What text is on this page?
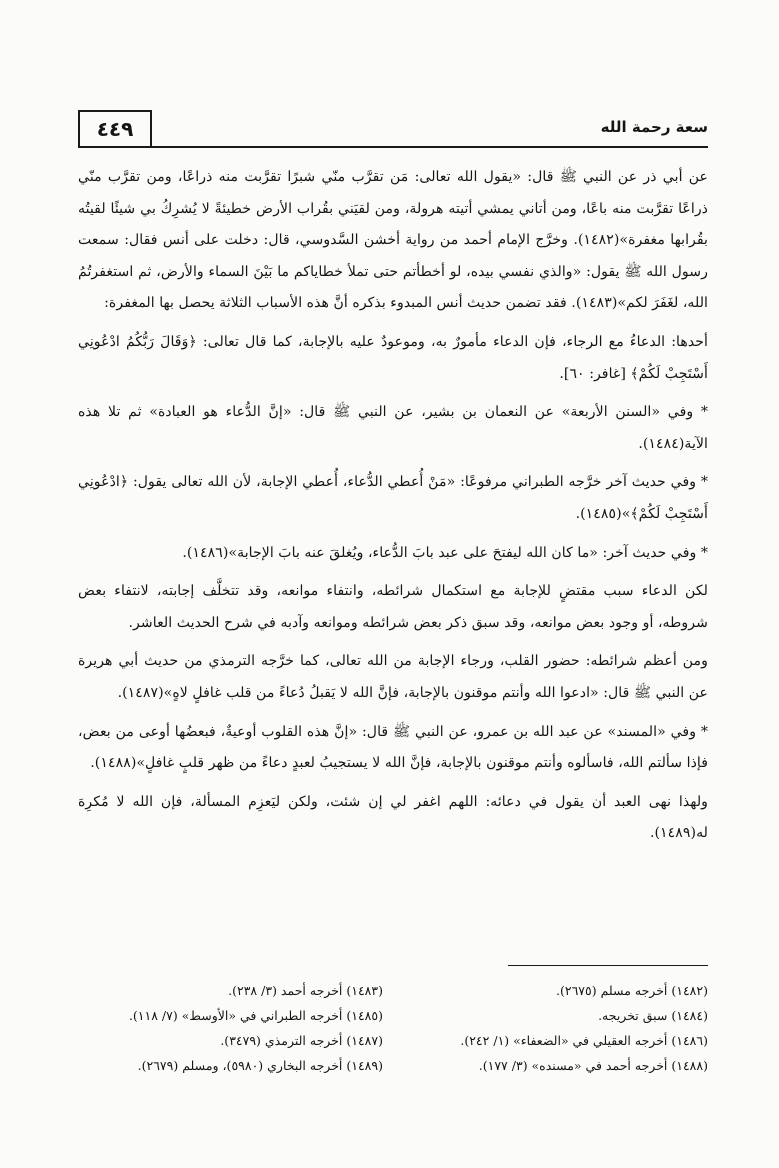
سعة رحمة الله
٤٤٩

عن أبي ذر عن النبي ﷺ قال: «يقول الله تعالى: مَن تقرَّب منّي شبرًا تقرَّبت منه ذراعًا، ومن تقرَّب منّي ذراعًا تقرَّبت منه باعًا، ومن أتاني يمشي أتيته هرولة، ومن لقيَني بقُراب الأرض خطيئةً لا يُشرِكُ بي شيئًا لقيتُه بقُرابها مغفرة»(١٤٨٢). وخرَّج الإمام أحمد من رواية أخشن السَّدوسي، قال: دخلت على أنس فقال: سمعت رسول الله ﷺ يقول: «والذي نفسي بيده، لو أخطأتم حتى تملأ خطاياكم ما بَيْنَ السماء والأرض، ثم استغفرتُمُ الله، لغَفَرَ لكم»(١٤٨٣). فقد تضمن حديث أنس المبدوء بذكره أنَّ هذه الأسباب الثلاثة يحصل بها المغفرة:

أحدها: الدعاءُ مع الرجاء، فإن الدعاء مأمورٌ به، وموعودٌ عليه بالإجابة، كما قال تعالى: ﴿وَقَالَ رَبُّكُمُ ادْعُونِي أَسْتَجِبْ لَكُمْ﴾ [غافر: ٦٠].

* وفي «السنن الأربعة» عن النعمان بن بشير، عن النبي ﷺ قال: «إنَّ الدُّعاء هو العبادة» ثم تلا هذه الآية(١٤٨٤).

* وفي حديث آخر خرَّجه الطبراني مرفوعًا: «مَنْ أُعطي الدُّعاء، أُعطي الإجابة، لأن الله تعالى يقول: ﴿ادْعُونِي أَسْتَجِبْ لَكُمْ﴾»(١٤٨٥).

* وفي حديث آخر: «ما كان الله ليفتحَ على عبد بابَ الدُّعاء، ويُغلقَ عنه بابَ الإجابة»(١٤٨٦).

لكن الدعاء سبب مقتضٍ للإجابة مع استكمال شرائطه، وانتفاء موانعه، وقد تتخلَّف إجابته، لانتفاء بعض شروطه، أو وجود بعض موانعه، وقد سبق ذكر بعض شرائطه وموانعه وآدبه في شرح الحديث العاشر.

ومن أعظم شرائطه: حضور القلب، ورجاء الإجابة من الله تعالى، كما خرَّجه الترمذي من حديث أبي هريرة عن النبي ﷺ قال: «ادعوا الله وأنتم موقنون بالإجابة، فإنَّ الله لا يَقبلُ دُعاءً من قلب غافلٍ لاهٍ»(١٤٨٧).

* وفي «المسند» عن عبد الله بن عمرو، عن النبي ﷺ قال: «إنَّ هذه القلوب أوعيةٌ، فبعضُها أوعى من بعض، فإذا سألتم الله، فاسألوه وأنتم موقنون بالإجابة، فإنَّ الله لا يستجيبُ لعبدٍ دعاءً من ظهر قلبٍ غافلٍ»(١٤٨٨).

ولهذا نهى العبد أن يقول في دعائه: اللهم اغفر لي إن شئت، ولكن ليَعزِم المسألة، فإن الله لا مُكرِهَ له(١٤٨٩).

(١٤٨٢) أخرجه مسلم (٢٦٧٥).
(١٤٨٣) أخرجه أحمد (٣/ ٢٣٨).
(١٤٨٤) سبق تخريجه.
(١٤٨٥) أخرجه الطبراني في «الأوسط» (٧/ ١١٨).
(١٤٨٦) أخرجه العقيلي في «الضعفاء» (١/ ٢٤٢).
(١٤٨٧) أخرجه الترمذي (٣٤٧٩).
(١٤٨٨) أخرجه أحمد في «مسنده» (٣/ ١٧٧).
(١٤٨٩) أخرجه البخاري (٥٩٨٠)، ومسلم (٢٦٧٩).
